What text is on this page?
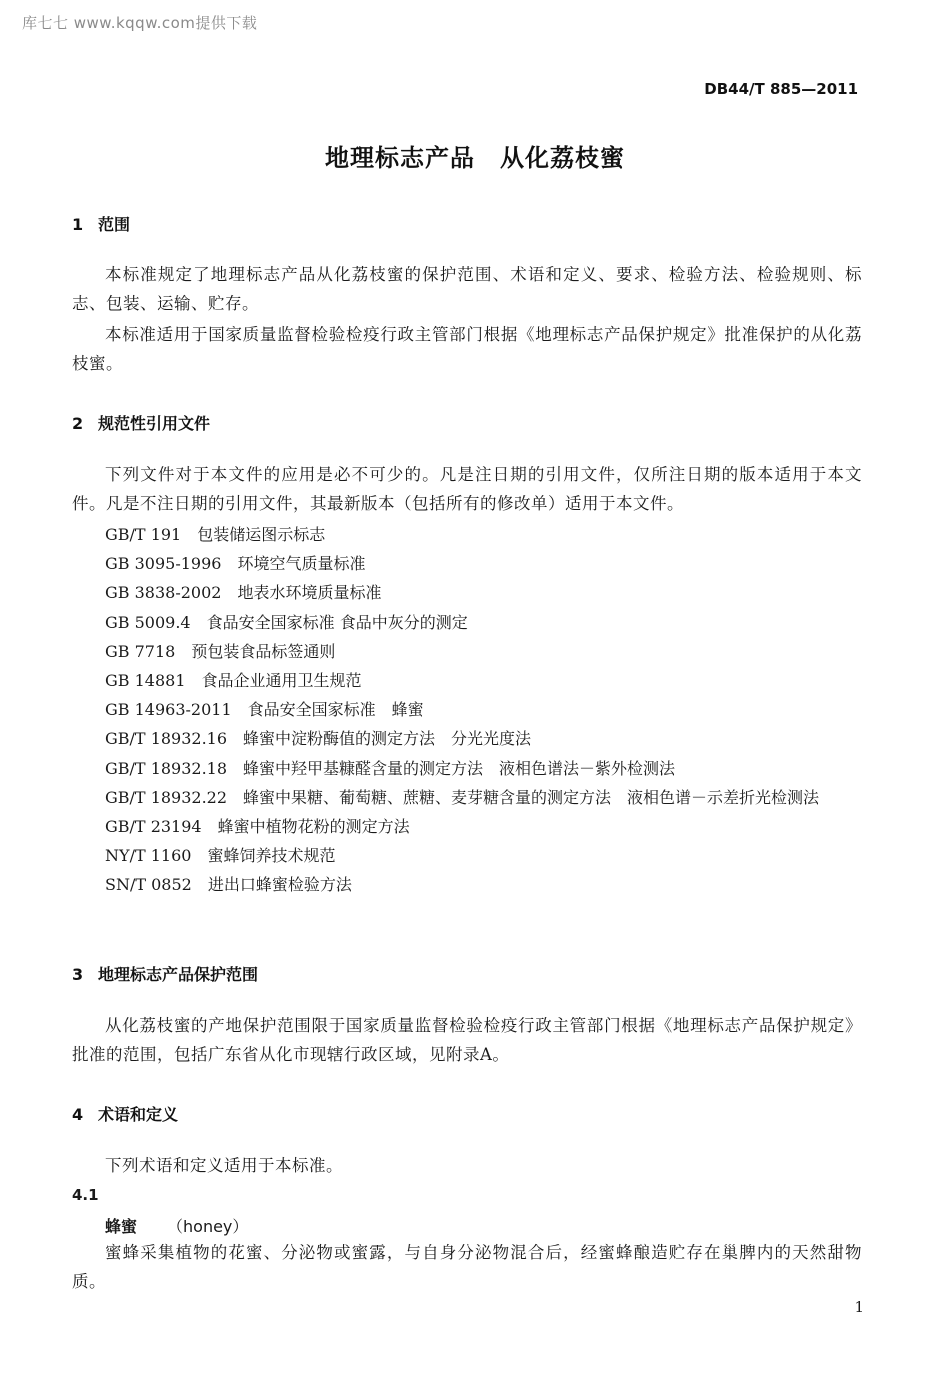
库七七 www.kqqw.com提供下载
DB44/T 885—2011
地理标志产品　从化荔枝蜜
1 范围

本标准规定了地理标志产品从化荔枝蜜的保护范围、术语和定义、要求、检验方法、检验规则、标志、包装、运输、贮存。

本标准适用于国家质量监督检验检疫行政主管部门根据《地理标志产品保护规定》批准保护的从化荔枝蜜。

2 规范性引用文件

下列文件对于本文件的应用是必不可少的。凡是注日期的引用文件，仅所注日期的版本适用于本文件。凡是不注日期的引用文件，其最新版本（包括所有的修改单）适用于本文件。

GB/T 191 包装储运图示标志
GB 3095-1996 环境空气质量标准
GB 3838-2002 地表水环境质量标准
GB 5009.4 食品安全国家标准 食品中灰分的测定
GB 7718 预包装食品标签通则
GB 14881 食品企业通用卫生规范
GB 14963-2011 食品安全国家标准　蜂蜜
GB/T 18932.16 蜂蜜中淀粉酶值的测定方法　分光光度法
GB/T 18932.18 蜂蜜中羟甲基糠醛含量的测定方法　液相色谱法－紫外检测法
GB/T 18932.22 蜂蜜中果糖、葡萄糖、蔗糖、麦芽糖含量的测定方法　液相色谱－示差折光检测法
GB/T 23194 蜂蜜中植物花粉的测定方法
NY/T 1160 蜜蜂饲养技术规范
SN/T 0852 进出口蜂蜜检验方法
3 地理标志产品保护范围

从化荔枝蜜的产地保护范围限于国家质量监督检验检疫行政主管部门根据《地理标志产品保护规定》批准的范围，包括广东省从化市现辖行政区域，见附录A。

4 术语和定义

下列术语和定义适用于本标准。

4.1
蜂蜜 （honey）

蜜蜂采集植物的花蜜、分泌物或蜜露，与自身分泌物混合后，经蜜蜂酿造贮存在巢脾内的天然甜物质。

1
